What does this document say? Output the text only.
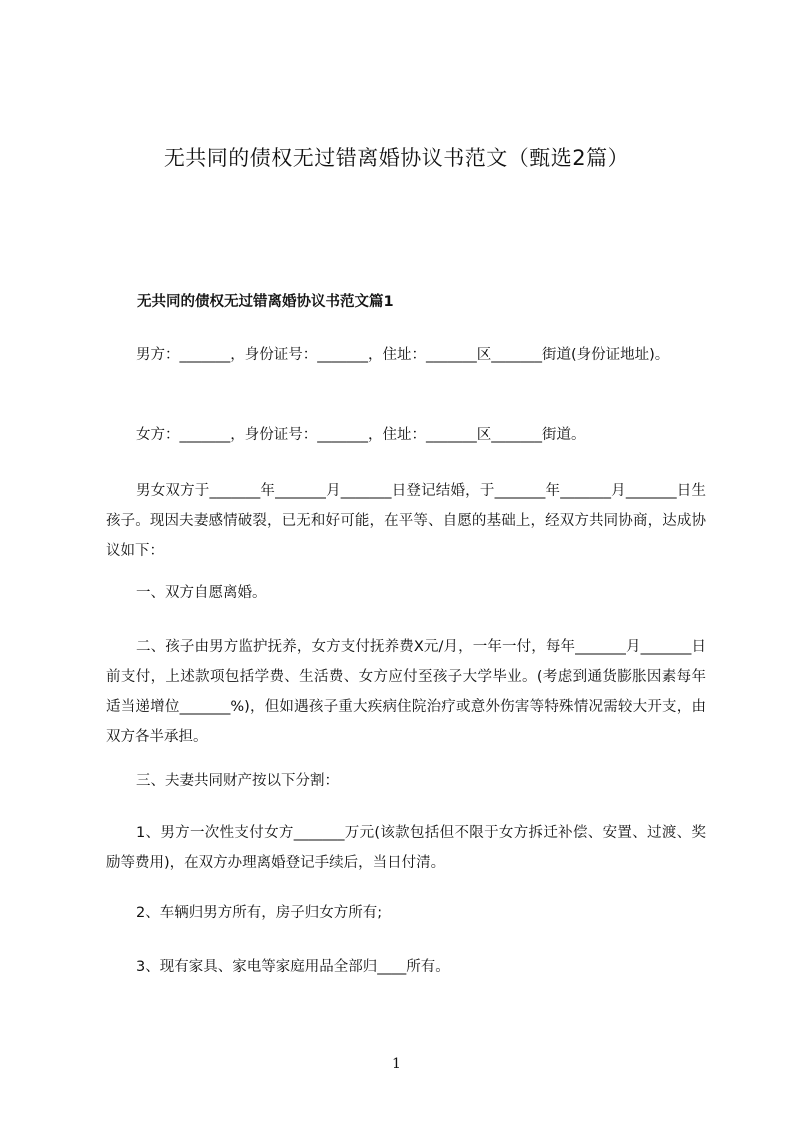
无共同的债权无过错离婚协议书范文（甄选2篇）
无共同的债权无过错离婚协议书范文篇1
男方：_______，身份证号：_______，住址：_______区_______街道(身份证地址)。
女方：_______，身份证号：_______，住址：_______区_______街道。
男女双方于_______年_______月_______日登记结婚，于_______年_______月_______日生孩子。现因夫妻感情破裂，已无和好可能，在平等、自愿的基础上，经双方共同协商，达成协议如下：
一、双方自愿离婚。
二、孩子由男方监护抚养，女方支付抚养费X元/月，一年一付，每年_______月_______日前支付，上述款项包括学费、生活费、女方应付至孩子大学毕业。(考虑到通货膨胀因素每年适当递增位_______%)，但如遇孩子重大疾病住院治疗或意外伤害等特殊情况需较大开支，由双方各半承担。
三、夫妻共同财产按以下分割：
1、男方一次性支付女方_______万元(该款包括但不限于女方拆迁补偿、安置、过渡、奖励等费用)，在双方办理离婚登记手续后，当日付清。
2、车辆归男方所有，房子归女方所有;
3、现有家具、家电等家庭用品全部归____所有。
1
